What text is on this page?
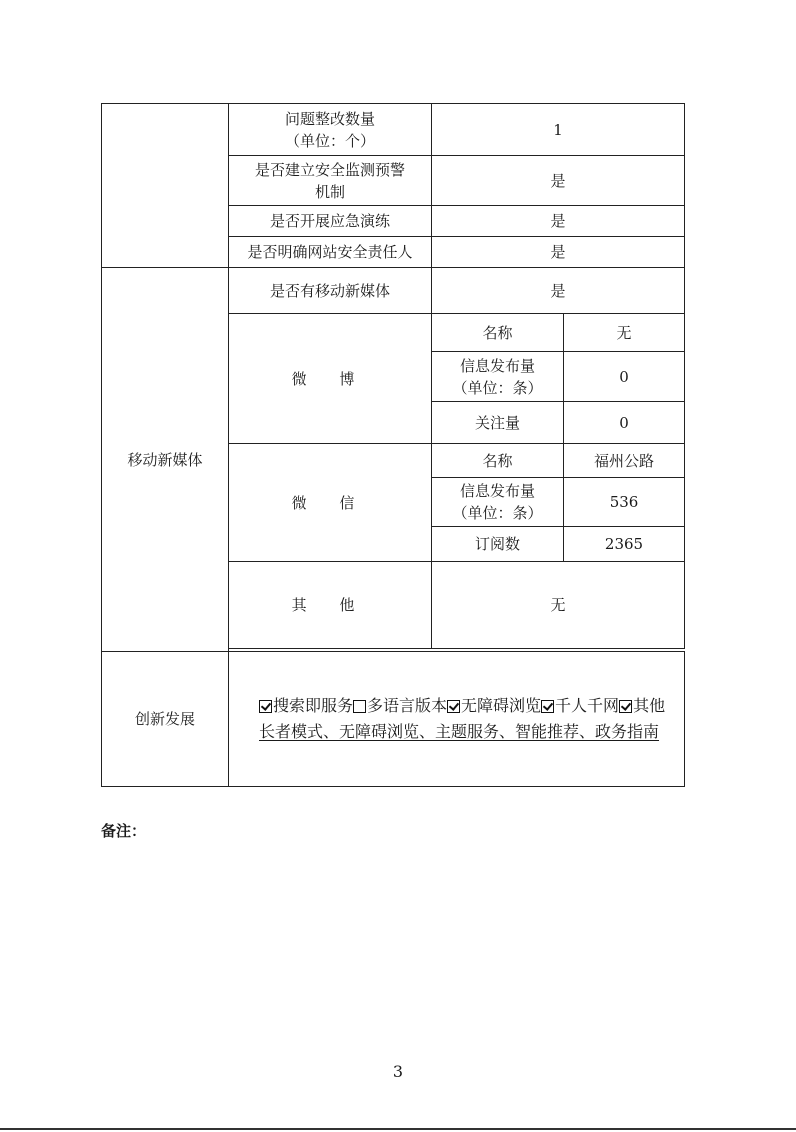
	问题整改数量
（单位：个）	1	
	是否建立安全监测预警
机制	是	
	是否开展应急演练	是	
	是否明确网站安全责任人	是	
移动新媒体	是否有移动新媒体	是	
	微 博	名称	无
		信息发布量
（单位：条）	0
		关注量	0
	微 信	名称	福州公路
		信息发布量
（单位：条）	536
		订阅数	2365
	其 他	无	

创新发展	搜索即服务 多语言版本 无障碍浏览 千人千网 其他
长者模式、无障碍浏览、主题服务、智能推荐、政务指南		
备注：
3
